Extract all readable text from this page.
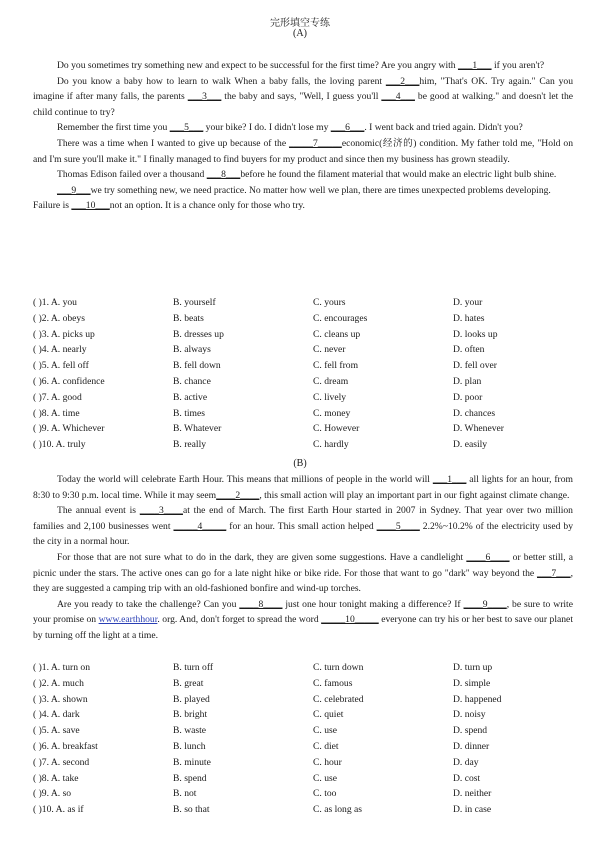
完形填空专练
(A)

Do you sometimes try something new and expect to be successful for the first time? Are you angry with ___1___ if you aren't?

Do you know a baby how to learn to walk When a baby falls, the loving parent ___2___him, "That's OK. Try again." Can you imagine if after many falls, the parents ___3___ the baby and says, "Well, I guess you'll ___4___ be good at walking." and doesn't let the child continue to try?

Remember the first time you ___5___ your bike? I do. I didn't lose my ___6___. I went back and tried again. Didn't you?

There was a time when I wanted to give up because of the _____7_____economic(经济的) condition. My father told me, "Hold on and I'm sure you'll make it." I finally managed to find buyers for my product and since then my business has grown steadily.

Thomas Edison failed over a thousand ___8___before he found the filament material that would make an electric light bulb shine.

___9___we try something new, we need practice. No matter how well we plan, there are times unexpected problems developing.

Failure is ___10___not an option. It is a chance only for those who try.

( )1. A. you	B. yourself	C. yours	D. your
( )2. A. obeys	B. beats	C. encourages	D. hates
( )3. A. picks up	B. dresses up	C. cleans up	D. looks up
( )4. A. nearly	B. always	C. never	D. often
( )5. A. fell off	B. fell down	C. fell from	D. fell over
( )6. A. confidence	B. chance	C. dream	D. plan
( )7. A. good	B. active	C. lively	D. poor
( )8. A. time	B. times	C. money	D. chances
( )9. A. Whichever	B. Whatever	C. However	D. Whenever
( )10. A. truly	B. really	C. hardly	D. easily
(B)

Today the world will celebrate Earth Hour. This means that millions of people in the world will ___1___ all lights for an hour, from 8:30 to 9:30 p.m. local time. While it may seem____2____, this small action will play an important part in our fight against climate change.

The annual event is ____3____at the end of March. The first Earth Hour started in 2007 in Sydney. That year over two million families and 2,100 businesses went _____4_____ for an hour. This small action helped ____5____ 2.2%~10.2% of the electricity used by the city in a normal hour.

For those that are not sure what to do in the dark, they are given some suggestions. Have a candlelight ____6____ or better still, a picnic under the stars. The active ones can go for a late night hike or bike ride. For those that want to go "dark" way beyond the ___7___, they are suggested a camping trip with an old-fashioned bonfire and wind-up torches.

Are you ready to take the challenge? Can you ____8____ just one hour tonight making a difference? If ____9____, be sure to write your promise on www.earthhour. org. And, don't forget to spread the word _____10_____ everyone can try his or her best to save our planet by turning off the light at a time.

( )1. A. turn on	B. turn off	C. turn down	D. turn up
( )2. A. much	B. great	C. famous	D. simple
( )3. A. shown	B. played	C. celebrated	D. happened
( )4. A. dark	B. bright	C. quiet	D. noisy
( )5. A. save	B. waste	C. use	D. spend
( )6. A. breakfast	B. lunch	C. diet	D. dinner
( )7. A. second	B. minute	C. hour	D. day
( )8. A. take	B. spend	C. use	D. cost
( )9. A. so	B. not	C. too	D. neither
( )10. A. as if	B. so that	C. as long as	D. in case
